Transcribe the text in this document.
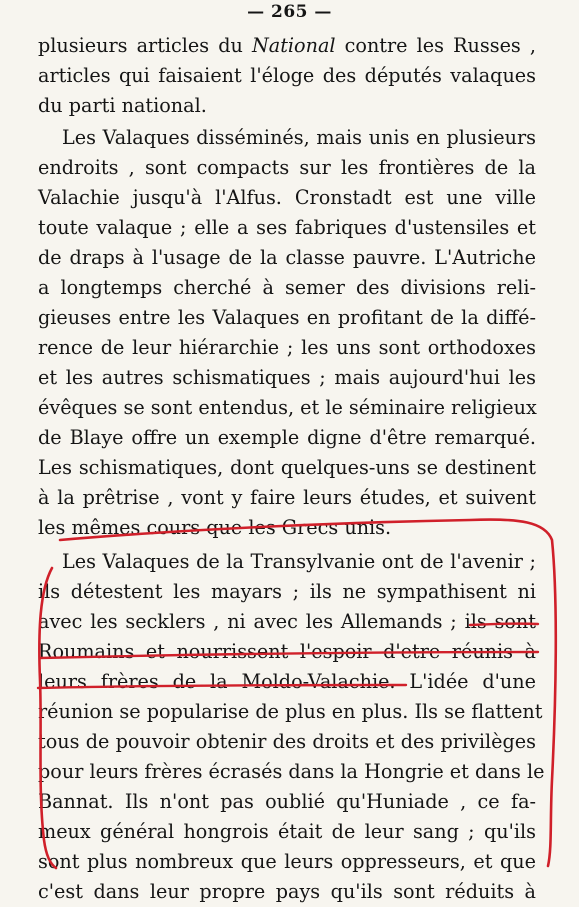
— 265 —
plusieurs articles du National contre les Russes ,
articles qui faisaient l'éloge des députés valaques
du parti national.
Les Valaques disséminés, mais unis en plusieurs
endroits , sont compacts sur les frontières de la
Valachie jusqu'à l'Alfus. Cronstadt est une ville
toute valaque ; elle a ses fabriques d'ustensiles et
de draps à l'usage de la classe pauvre. L'Autriche
a longtemps cherché à semer des divisions reli-
gieuses entre les Valaques en profitant de la diffé-
rence de leur hiérarchie ; les uns sont orthodoxes
et les autres schismatiques ; mais aujourd'hui les
évêques se sont entendus, et le séminaire religieux
de Blaye offre un exemple digne d'être remarqué.
Les schismatiques, dont quelques-uns se destinent
à la prêtrise , vont y faire leurs études, et suivent
les mêmes cours que les Grecs unis.
Les Valaques de la Transylvanie ont de l'avenir ;
ils détestent les mayars ; ils ne sympathisent ni
avec les secklers , ni avec les Allemands ; ils sont
Roumains et nourrissent l'espoir d'etre réunis à
leurs frères de la Moldo-Valachie. L'idée d'une
réunion se popularise de plus en plus. Ils se flattent
tous de pouvoir obtenir des droits et des privilèges
pour leurs frères écrasés dans la Hongrie et dans le
Bannat. Ils n'ont pas oublié qu'Huniade , ce fa-
meux général hongrois était de leur sang ; qu'ils
sont plus nombreux que leurs oppresseurs, et que
c'est dans leur propre pays qu'ils sont réduits à
